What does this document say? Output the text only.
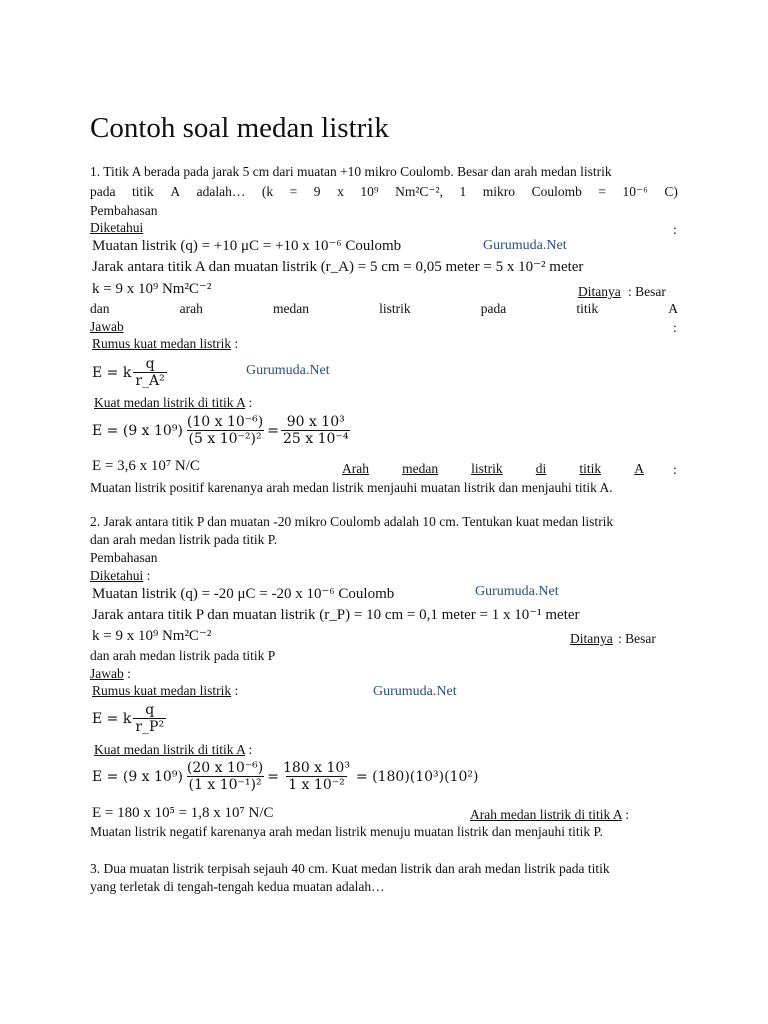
Contoh soal medan listrik
1. Titik A berada pada jarak 5 cm dari muatan +10 mikro Coulomb. Besar dan arah medan listrik
pada titik A adalah… (k = 9 x 10⁹ Nm²C⁻², 1 mikro Coulomb = 10⁻⁶ C)
Pembahasan
Diketahui	:
Muatan listrik (q) = +10 μC = +10 x 10⁻⁶ Coulomb	Gurumuda.Net
Jarak antara titik A dan muatan listrik (r_A) = 5 cm = 0,05 meter = 5 x 10⁻² meter
k = 9 x 10⁹ Nm²C⁻²	Ditanya : Besar
dan	arah	medan	listrik	pada	titik	A
Jawab	:
Rumus kuat medan listrik :
E = k $\frac{q}{\text{r\_A²}}$	Gurumuda.Net
Kuat medan listrik di titik A :
E = (9 x $10^9) \frac{\text{(10 x 10⁻⁶)}}{\text{(5 x 10⁻²)²}} = \frac{\text{90 x 10³}}{\text{25 x 10⁻⁴}}$
E = 3,6 x 10⁷ N/C	Arah medan listrik di titik A :
Muatan listrik positif karenanya arah medan listrik menjauhi muatan listrik dan menjauhi titik A.
2. Jarak antara titik P dan muatan -20 mikro Coulomb adalah 10 cm. Tentukan kuat medan listrik
dan arah medan listrik pada titik P.
Pembahasan
Diketahui :
Muatan listrik (q) = -20 μC = -20 x 10⁻⁶ Coulomb	Gurumuda.Net
Jarak antara titik P dan muatan listrik (r_P) = 10 cm = 0,1 meter = 1 x 10⁻¹ meter
k = 9 x 10⁹ Nm²C⁻²	Ditanya : Besar
dan arah medan listrik pada titik P
Jawab :
Rumus kuat medan listrik :	Gurumuda.Net
E = k $\frac{q}{\text{r\_P²}}$
Kuat medan listrik di titik A :
E = (9 x $10^9) \frac{\text{(20 x 10⁻⁶)}}{\text{(1 x 10⁻¹)²}} = \frac{\text{180 x 10³}}{\text{1 x 10⁻²}} = (180)(10^3)(10^2)$
E = 180 x 10⁵ = 1,8 x 10⁷ N/C	Arah medan listrik di titik A :
Muatan listrik negatif karenanya arah medan listrik menuju muatan listrik dan menjauhi titik P.
3. Dua muatan listrik terpisah sejauh 40 cm. Kuat medan listrik dan arah medan listrik pada titik
yang terletak di tengah-tengah kedua muatan adalah…
